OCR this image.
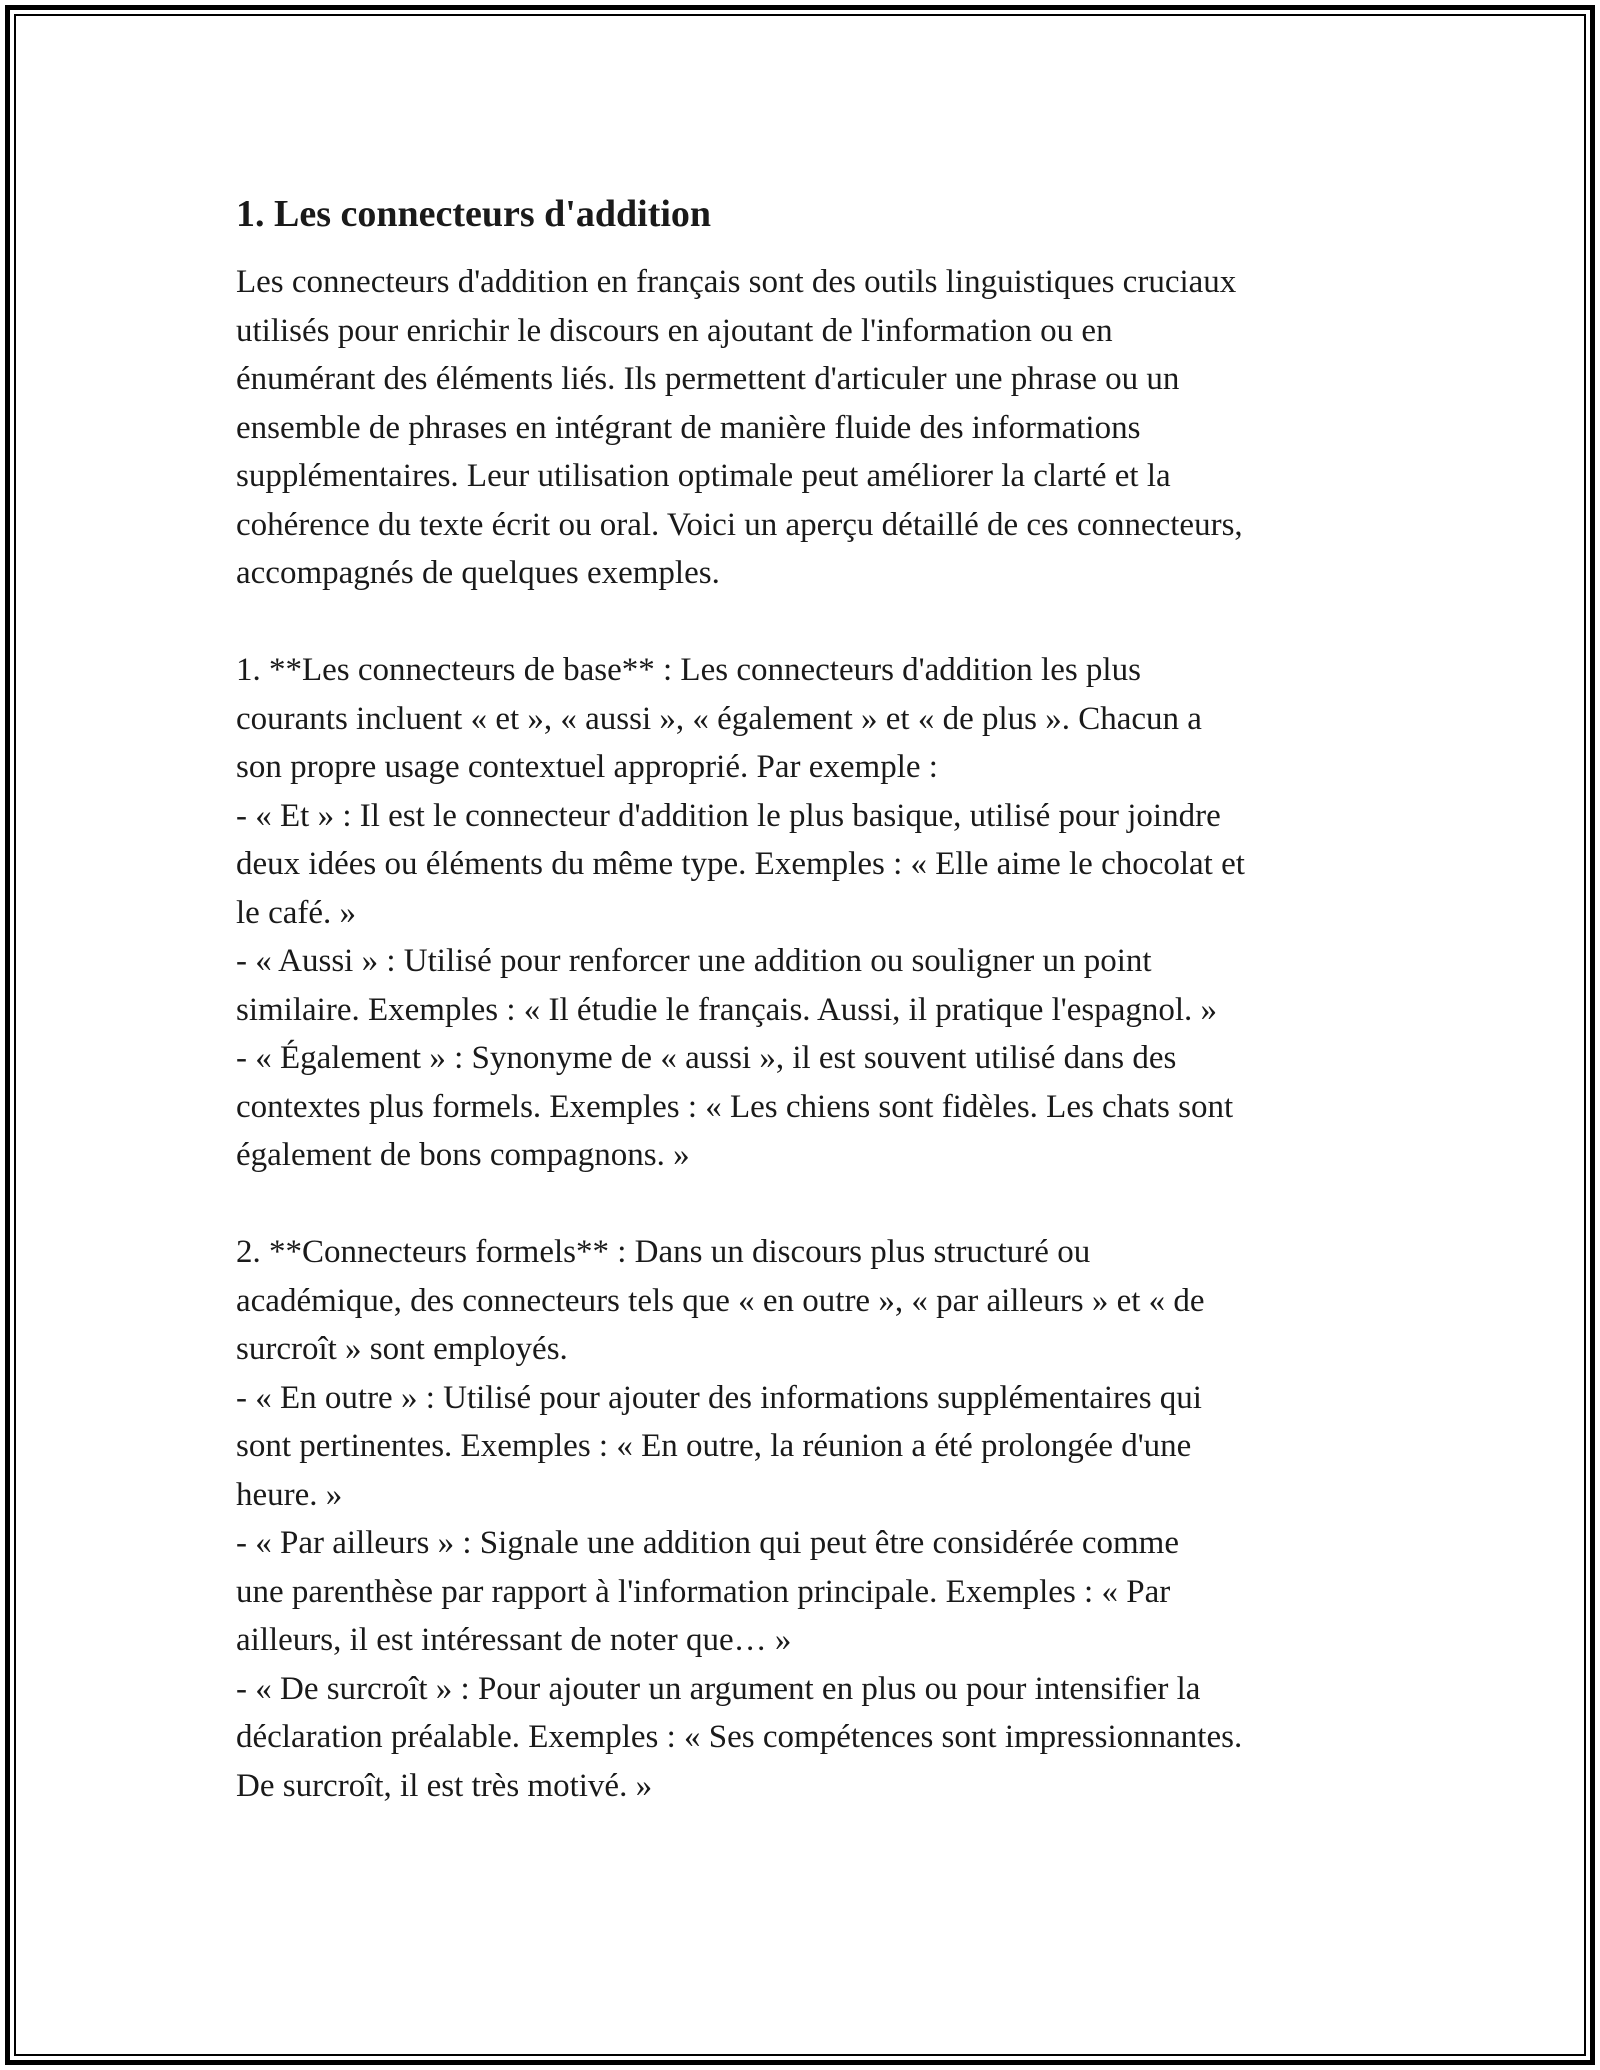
1. Les connecteurs d'addition

Les connecteurs d'addition en français sont des outils linguistiques cruciaux
utilisés pour enrichir le discours en ajoutant de l'information ou en
énumérant des éléments liés. Ils permettent d'articuler une phrase ou un
ensemble de phrases en intégrant de manière fluide des informations
supplémentaires. Leur utilisation optimale peut améliorer la clarté et la
cohérence du texte écrit ou oral. Voici un aperçu détaillé de ces connecteurs,
accompagnés de quelques exemples.

1. **Les connecteurs de base** : Les connecteurs d'addition les plus
courants incluent « et », « aussi », « également » et « de plus ». Chacun a
son propre usage contextuel approprié. Par exemple :

- « Et » : Il est le connecteur d'addition le plus basique, utilisé pour joindre
deux idées ou éléments du même type. Exemples : « Elle aime le chocolat et
le café. »

- « Aussi » : Utilisé pour renforcer une addition ou souligner un point
similaire. Exemples : « Il étudie le français. Aussi, il pratique l'espagnol. »

- « Également » : Synonyme de « aussi », il est souvent utilisé dans des
contextes plus formels. Exemples : « Les chiens sont fidèles. Les chats sont
également de bons compagnons. »

2. **Connecteurs formels** : Dans un discours plus structuré ou
académique, des connecteurs tels que « en outre », « par ailleurs » et « de
surcroît » sont employés.

- « En outre » : Utilisé pour ajouter des informations supplémentaires qui
sont pertinentes. Exemples : « En outre, la réunion a été prolongée d'une
heure. »

- « Par ailleurs » : Signale une addition qui peut être considérée comme
une parenthèse par rapport à l'information principale. Exemples : « Par
ailleurs, il est intéressant de noter que… »

- « De surcroît » : Pour ajouter un argument en plus ou pour intensifier la
déclaration préalable. Exemples : « Ses compétences sont impressionnantes.
De surcroît, il est très motivé. »
